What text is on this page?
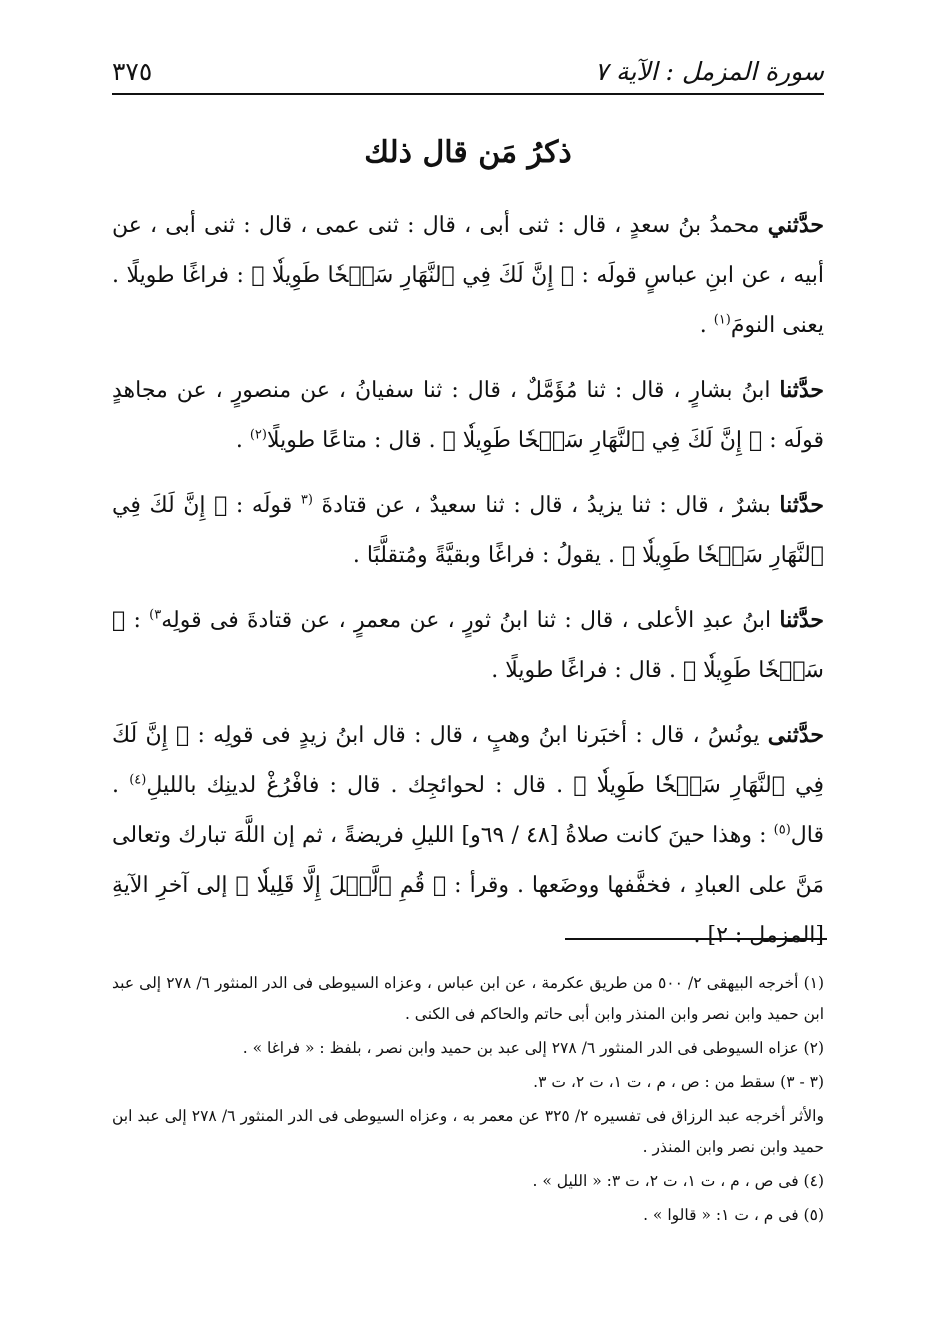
سورة المزمل : الآية ٧
٣٧٥
ذكرُ مَن قال ذلك

حدَّثني محمدُ بنُ سعدٍ ، قال : ثنى أبى ، قال : ثنى عمى ، قال : ثنى أبى ، عن أبيه ، عن ابنِ عباسٍ قولَه : ﴿ إِنَّ لَكَ فِي ٱلنَّهَارِ سَبۡحٗا طَوِيلٗا ﴾ : فراغًا طويلًا . يعنى النومَ$^{(١)}$ .

حدَّثنا ابنُ بشارٍ ، قال : ثنا مُؤَمَّلٌ ، قال : ثنا سفيانُ ، عن منصورٍ ، عن مجاهدٍ قولَه : ﴿ إِنَّ لَكَ فِي ٱلنَّهَارِ سَبۡحٗا طَوِيلٗا ﴾ . قال : متاعًا طويلًا$^{(٢)}$ .

حدَّثنا بشرٌ ، قال : ثنا يزيدُ ، قال : ثنا سعيدٌ ، عن قتادةَ $^{(٣}$ قولَه : ﴿ إِنَّ لَكَ فِي ٱلنَّهَارِ سَبۡحٗا طَوِيلٗا ﴾ . يقولُ : فراغًا وبقيَّةً ومُتقلَّبًا .

حدَّثنا ابنُ عبدِ الأعلى ، قال : ثنا ابنُ ثورٍ ، عن معمرٍ ، عن قتادةَ فى قولِه$^{٣)}$ : ﴿ سَبۡحٗا طَوِيلٗا ﴾ . قال : فراغًا طويلًا .

حدَّثنى يونُسُ ، قال : أخبَرنا ابنُ وهبٍ ، قال : قال ابنُ زيدٍ فى قولِه : ﴿ إِنَّ لَكَ فِي ٱلنَّهَارِ سَبۡحٗا طَوِيلٗا ﴾ . قال : لحوائجِك . قال : فافْرُغْ لدينِك بالليلِ$^{(٤)}$ . قال$^{(٥)}$ : وهذا حينَ كانت صلاةُ [٤٨ / ٦٩و] الليلِ فريضةً ، ثم إن اللَّهَ تبارك وتعالى مَنَّ على العبادِ ، فخفَّفها ووضَعها . وقرأ : ﴿ قُمِ ٱلَّيۡلَ إِلَّا قَلِيلٗا ﴾ إلى آخرِ الآيةِ [المزمل : ٢] .

(١) أخرجه البيهقى ٢/ ٥٠٠ من طريق عكرمة ، عن ابن عباس ، وعزاه السيوطى فى الدر المنثور ٦/ ٢٧٨ إلى عبد ابن حميد وابن نصر وابن المنذر وابن أبى حاتم والحاكم فى الكنى .

(٢) عزاه السيوطى فى الدر المنثور ٦/ ٢٧٨ إلى عبد بن حميد وابن نصر ، بلفظ : « فراغا » .

(٣ - ٣) سقط من : ص ، م ، ت ١، ت ٢، ت ٣.

والأثر أخرجه عبد الرزاق فى تفسيره ٢/ ٣٢٥ عن معمر به ، وعزاه السيوطى فى الدر المنثور ٦/ ٢٧٨ إلى عبد ابن حميد وابن نصر وابن المنذر .

(٤) فى ص ، م ، ت ١، ت ٢، ت ٣: « الليل » .

(٥) فى م ، ت ١: « قالوا » .
